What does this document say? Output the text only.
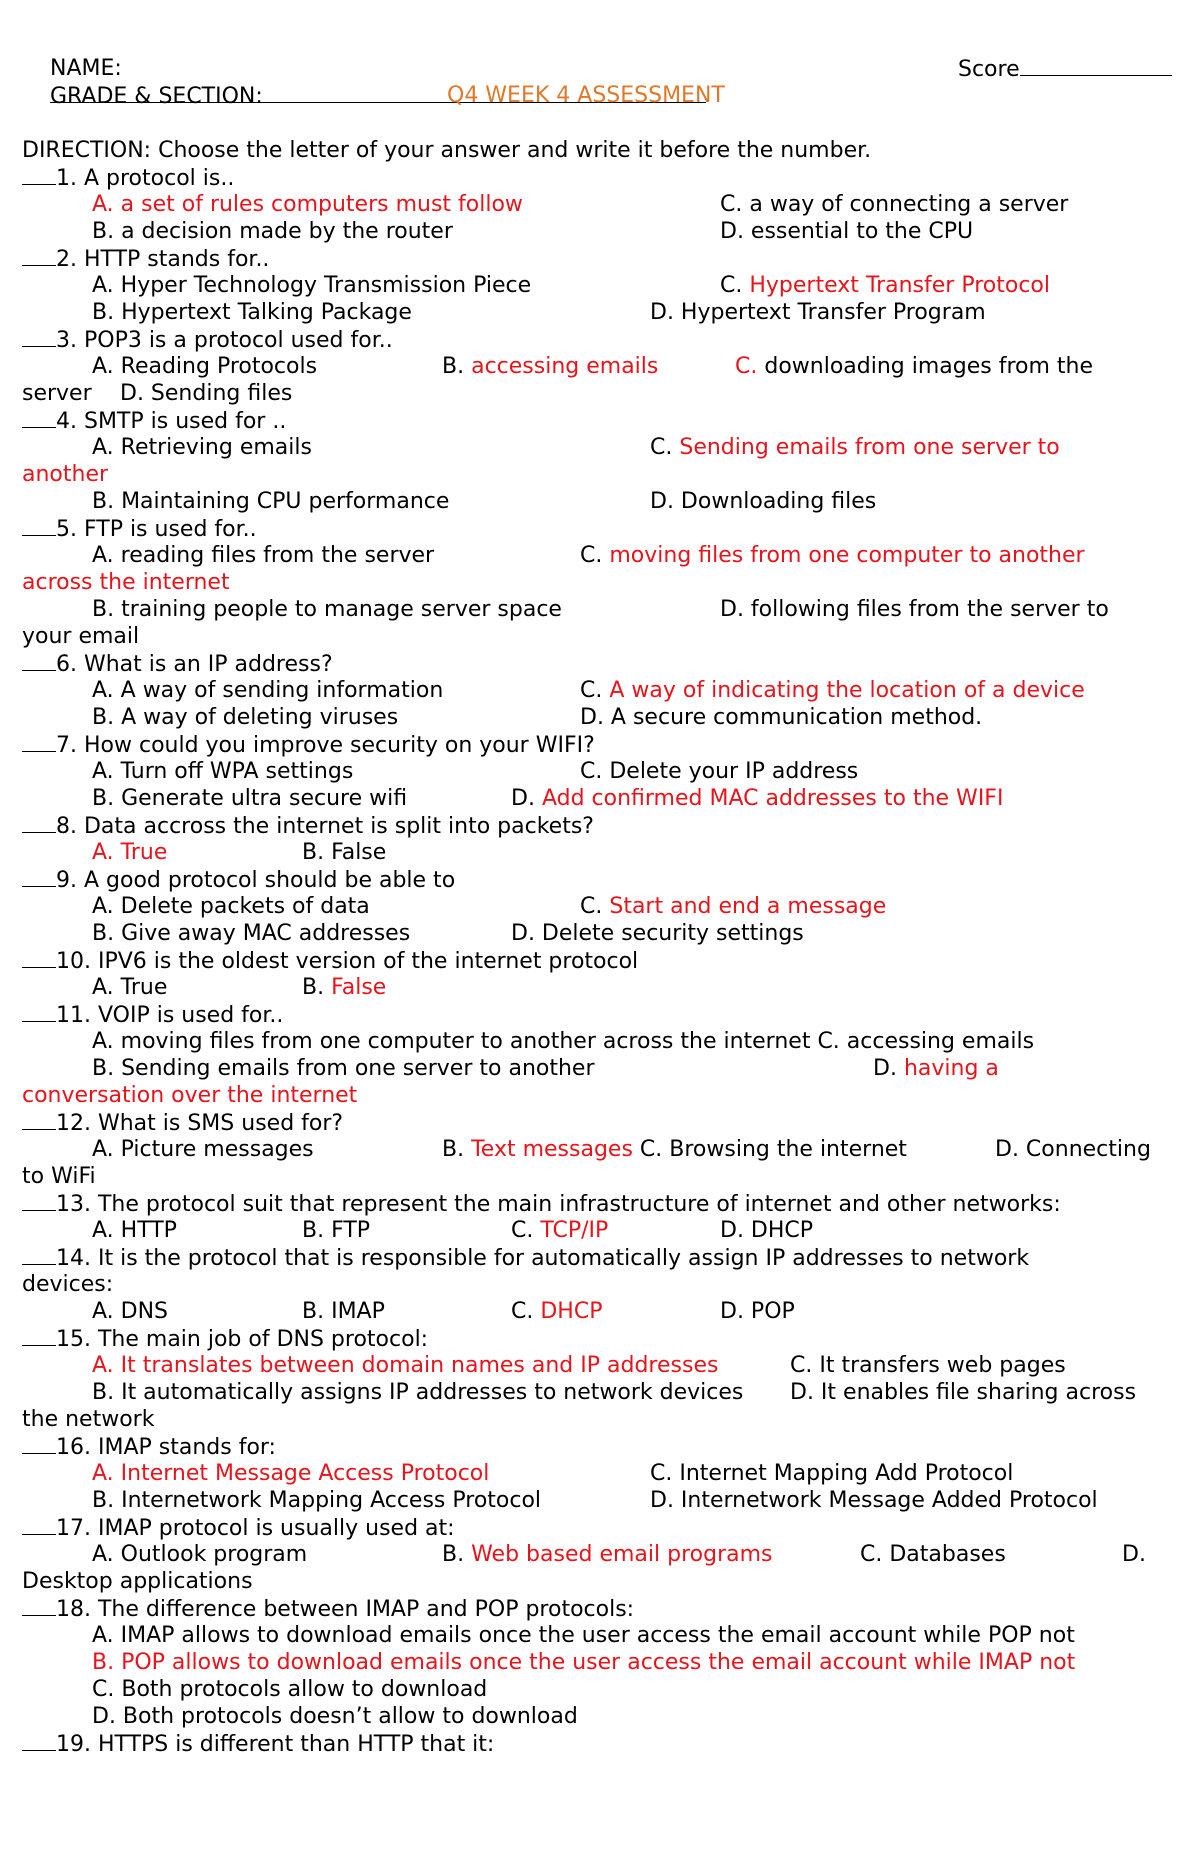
NAME:

	Score

GRADE & SECTION:
	Q4 WEEK 4 ASSESSMENT
DIRECTION: Choose the letter of your answer and write it before the number.
1. A protocol is..
A. a set of rules computers must follow	C. a way of connecting a server
B. a decision made by the router	D. essential to the CPU
2. HTTP stands for..
A. Hyper Technology Transmission Piece	C. Hypertext Transfer Protocol
B. Hypertext Talking Package	D. Hypertext Transfer Program
3. POP3 is a protocol used for..
A. Reading Protocols	B. accessing emails	C. downloading images from the
server D. Sending files
4. SMTP is used for ..
A. Retrieving emails	C. Sending emails from one server to
another
B. Maintaining CPU performance	D. Downloading files
5. FTP is used for..
A. reading files from the server	C. moving files from one computer to another
across the internet
B. training people to manage server space	D. following files from the server to
your email
6. What is an IP address?
A. A way of sending information	C. A way of indicating the location of a device
B. A way of deleting viruses	D. A secure communication method.
7. How could you improve security on your WIFI?
A. Turn off WPA settings	C. Delete your IP address
B. Generate ultra secure wifi	D. Add confirmed MAC addresses to the WIFI
8. Data accross the internet is split into packets?
A. True	B. False
9. A good protocol should be able to
A. Delete packets of data	C. Start and end a message
B. Give away MAC addresses	D. Delete security settings
10. IPV6 is the oldest version of the internet protocol
A. True	B. False
11. VOIP is used for..
A. moving files from one computer to another across the internet C. accessing emails
B. Sending emails from one server to another	D. having a
conversation over the internet
12. What is SMS used for?
A. Picture messages	B. Text messages C. Browsing the internet	D. Connecting
to WiFi
13. The protocol suit that represent the main infrastructure of internet and other networks:
A. HTTP	B. FTP	C. TCP/IP	D. DHCP
14. It is the protocol that is responsible for automatically assign IP addresses to network
devices:
A. DNS	B. IMAP	C. DHCP	D. POP
15. The main job of DNS protocol:
A. It translates between domain names and IP addresses	C. It transfers web pages
B. It automatically assigns IP addresses to network devices D. It enables file sharing across
the network
16. IMAP stands for:
A. Internet Message Access Protocol	C. Internet Mapping Add Protocol
B. Internetwork Mapping Access Protocol	D. Internetwork Message Added Protocol
17. IMAP protocol is usually used at:
A. Outlook program	B. Web based email programs	C. Databases	D.
Desktop applications
18. The difference between IMAP and POP protocols:
A. IMAP allows to download emails once the user access the email account while POP not
B. POP allows to download emails once the user access the email account while IMAP not
C. Both protocols allow to download
D. Both protocols doesn’t allow to download
19. HTTPS is different than HTTP that it:
